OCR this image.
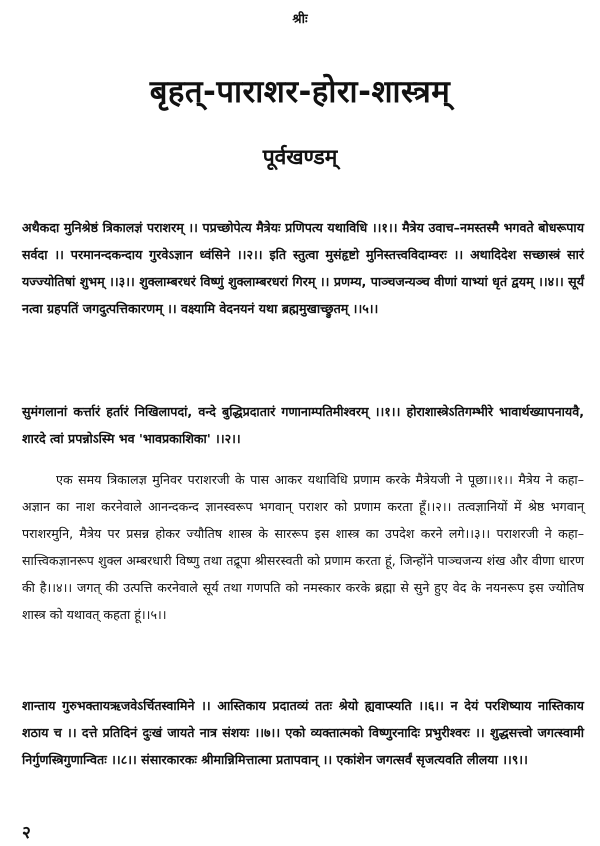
श्रीः
बृहत्-पाराशर-होरा-शास्त्रम्
पूर्वखण्डम्
अथैकदा मुनिश्रेष्ठं त्रिकालज्ञं पराशरम् ।। पप्रच्छोपेत्य मैत्रेयः प्रणिपत्य यथाविधि ।।१।। मैत्रेय उवाच–नमस्तस्मै भगवते बोधरूपाय सर्वदा ।। परमानन्दकन्दाय गुरवेऽज्ञान ध्वंसिने ।।२।। इति स्तुत्वा मुसंहृष्टो मुनिस्तत्त्वविदाम्वरः ।। अथादिदेश सच्छास्त्रं सारं यज्ज्योतिषां शुभम् ।।३।। शुक्लाम्बरधरं विष्णुं शुक्लाम्बरधरां गिरम् ।। प्रणम्य, पाञ्चजन्यञ्च वीणां याभ्यां धृतं द्वयम् ।।४।। सूर्यं नत्वा ग्रहपतिं जगदुत्पत्तिकारणम् ।। वक्ष्यामि वेदनयनं यथा ब्रह्ममुखाच्छ्रुतम् ।।५।।
सुमंगलानां कर्त्तारं हर्तारं निखिलापदां, वन्दे बुद्धिप्रदातारं गणानाम्पतिमीश्वरम् ।।१।। होराशास्त्रेऽतिगम्भीरे भावार्थख्यापनायवै, शारदे त्वां प्रपन्नोऽस्मि भव 'भावप्रकाशिका' ।।२।।
एक समय त्रिकालज्ञ मुनिवर पराशरजी के पास आकर यथाविधि प्रणाम करके मैत्रेयजी ने पूछा।।१।। मैत्रेय ने कहा–अज्ञान का नाश करनेवाले आनन्दकन्द ज्ञानस्वरूप भगवान् पराशर को प्रणाम करता हूँ।।२।। तत्वज्ञानियों में श्रेष्ठ भगवान् पराशरमुनि, मैत्रेय पर प्रसन्न होकर ज्यौतिष शास्त्र के साररूप इस शास्त्र का उपदेश करने लगे।।३।। पराशरजी ने कहा–सात्त्विकज्ञानरूप शुक्ल अम्बरधारी विष्णु तथा तद्रूपा श्रीसरस्वती को प्रणाम करता हूं, जिन्होंने पाञ्चजन्य शंख और वीणा धारण की है।।४।। जगत् की उत्पत्ति करनेवाले सूर्य तथा गणपति को नमस्कार करके ब्रह्मा से सुने हुए वेद के नयनरूप इस ज्योतिष शास्त्र को यथावत् कहता हूं।।५।।
शान्ताय गुरुभक्तायऋजवेऽर्चितस्वामिने ।। आस्तिकाय प्रदातव्यं ततः श्रेयो ह्यवाप्स्यति ।।६।। न देयं परशिष्याय नास्तिकाय शठाय च ।। दत्ते प्रतिदिनं दुःखं जायते नात्र संशयः ।।७।। एको व्यक्तात्मको विष्णुरनादिः प्रभुरीश्वरः ।। शुद्धसत्त्वो जगत्स्वामी निर्गुणस्त्रिगुणान्वितः ।।८।। संसारकारकः श्रीमान्निमित्तात्मा प्रतापवान् ।। एकांशेन जगत्सर्वं सृजत्यवति लीलया ।।९।।
२
